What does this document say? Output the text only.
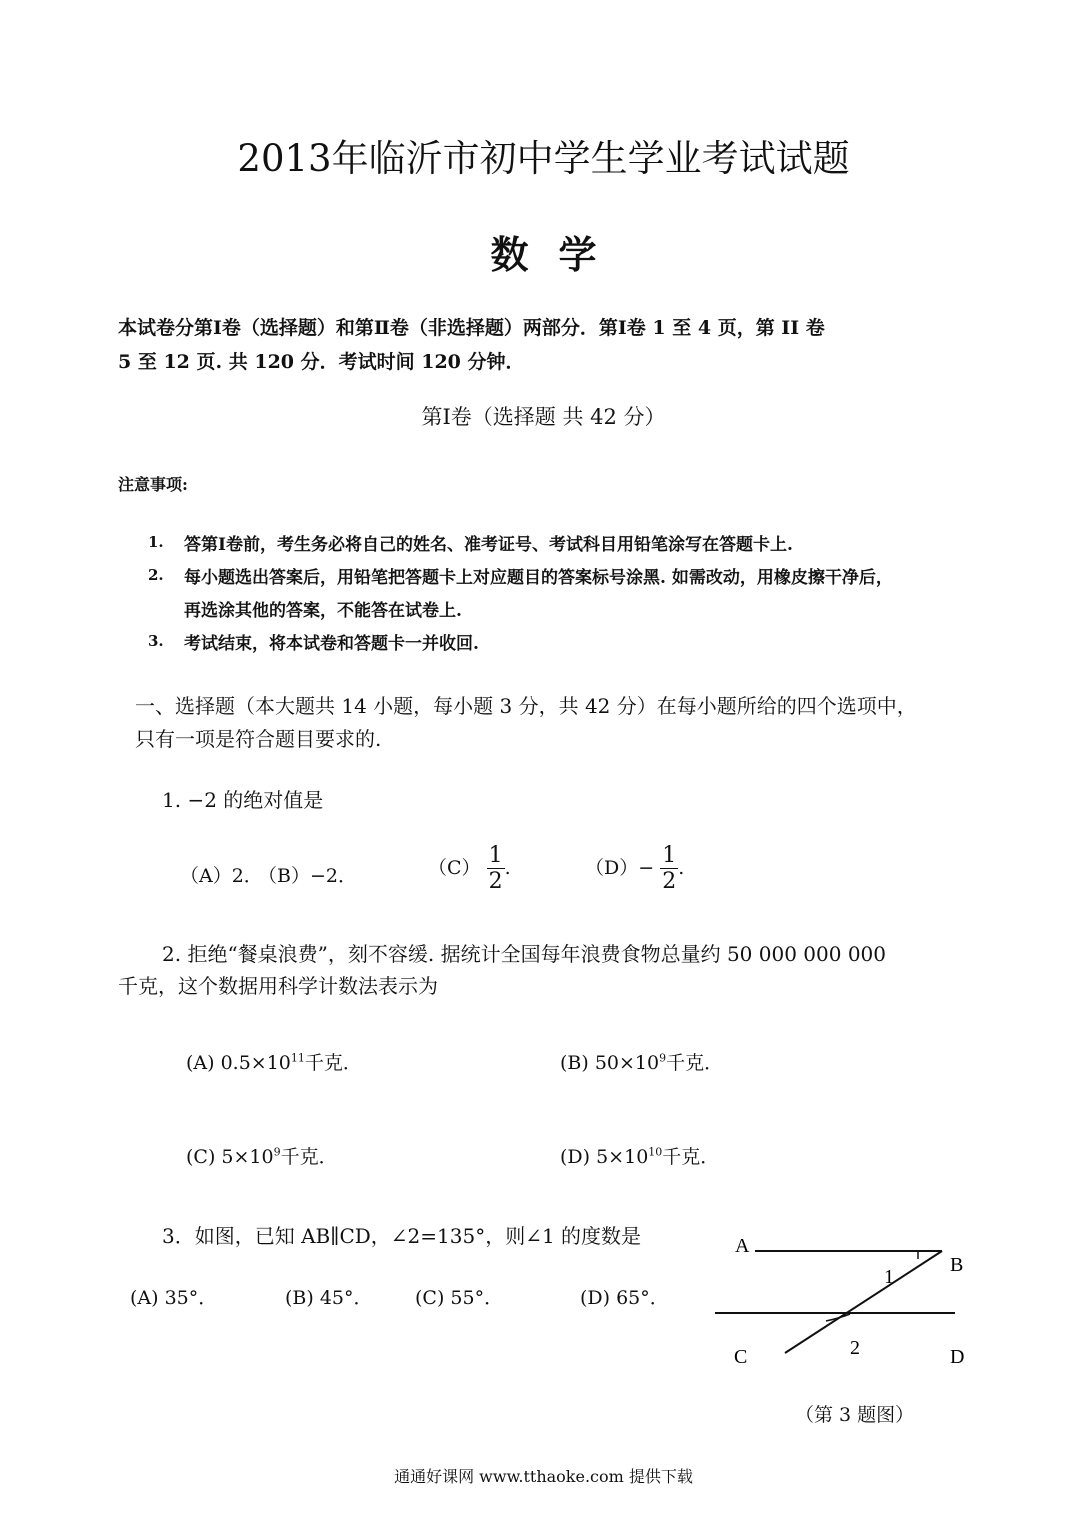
2013年临沂市初中学生学业考试试题
数学
本试卷分第Ⅰ卷（选择题）和第Ⅱ卷（非选择题）两部分．第Ⅰ卷 1 至 4 页，第 II 卷
5 至 12 页. 共 120 分．考试时间 120 分钟．
第Ⅰ卷（选择题 共 42 分）
注意事项:
1. 答第Ⅰ卷前，考生务必将自己的姓名、准考证号、考试科目用铅笔涂写在答题卡上.
2. 每小题选出答案后，用铅笔把答题卡上对应题目的答案标号涂黑. 如需改动，用橡皮擦干净后，
再选涂其他的答案，不能答在试卷上.
3. 考试结束，将本试卷和答题卡一并收回.
一、选择题（本大题共 14 小题，每小题 3 分，共 42 分）在每小题所给的四个选项中，
只有一项是符合题目要求的.
1. −2 的绝对值是
（A）2．
（B）−2．	$(C) \frac{1}{2}$ .	$(D)- \frac{1}{2}$ .
2. 拒绝“餐桌浪费”，刻不容缓. 据统计全国每年浪费食物总量约 50 000 000 000
千克，这个数据用科学计数法表示为
(A) $0.5\times 10^{11}$千克．	(B) $50\times 10^9$千克．
(C) $5\times 10^9$千克．	(D) $5\times 10^{10}$千克．
3．如图，已知 AB∥CD，∠2=135°，则∠1 的度数是
(A) 35°．	(B) 45°． (C) 55°．	(D) 65°．
A
B
C	D
1
2
（第 3 题图）
通通好课网 www.tthaoke.com 提供下载
